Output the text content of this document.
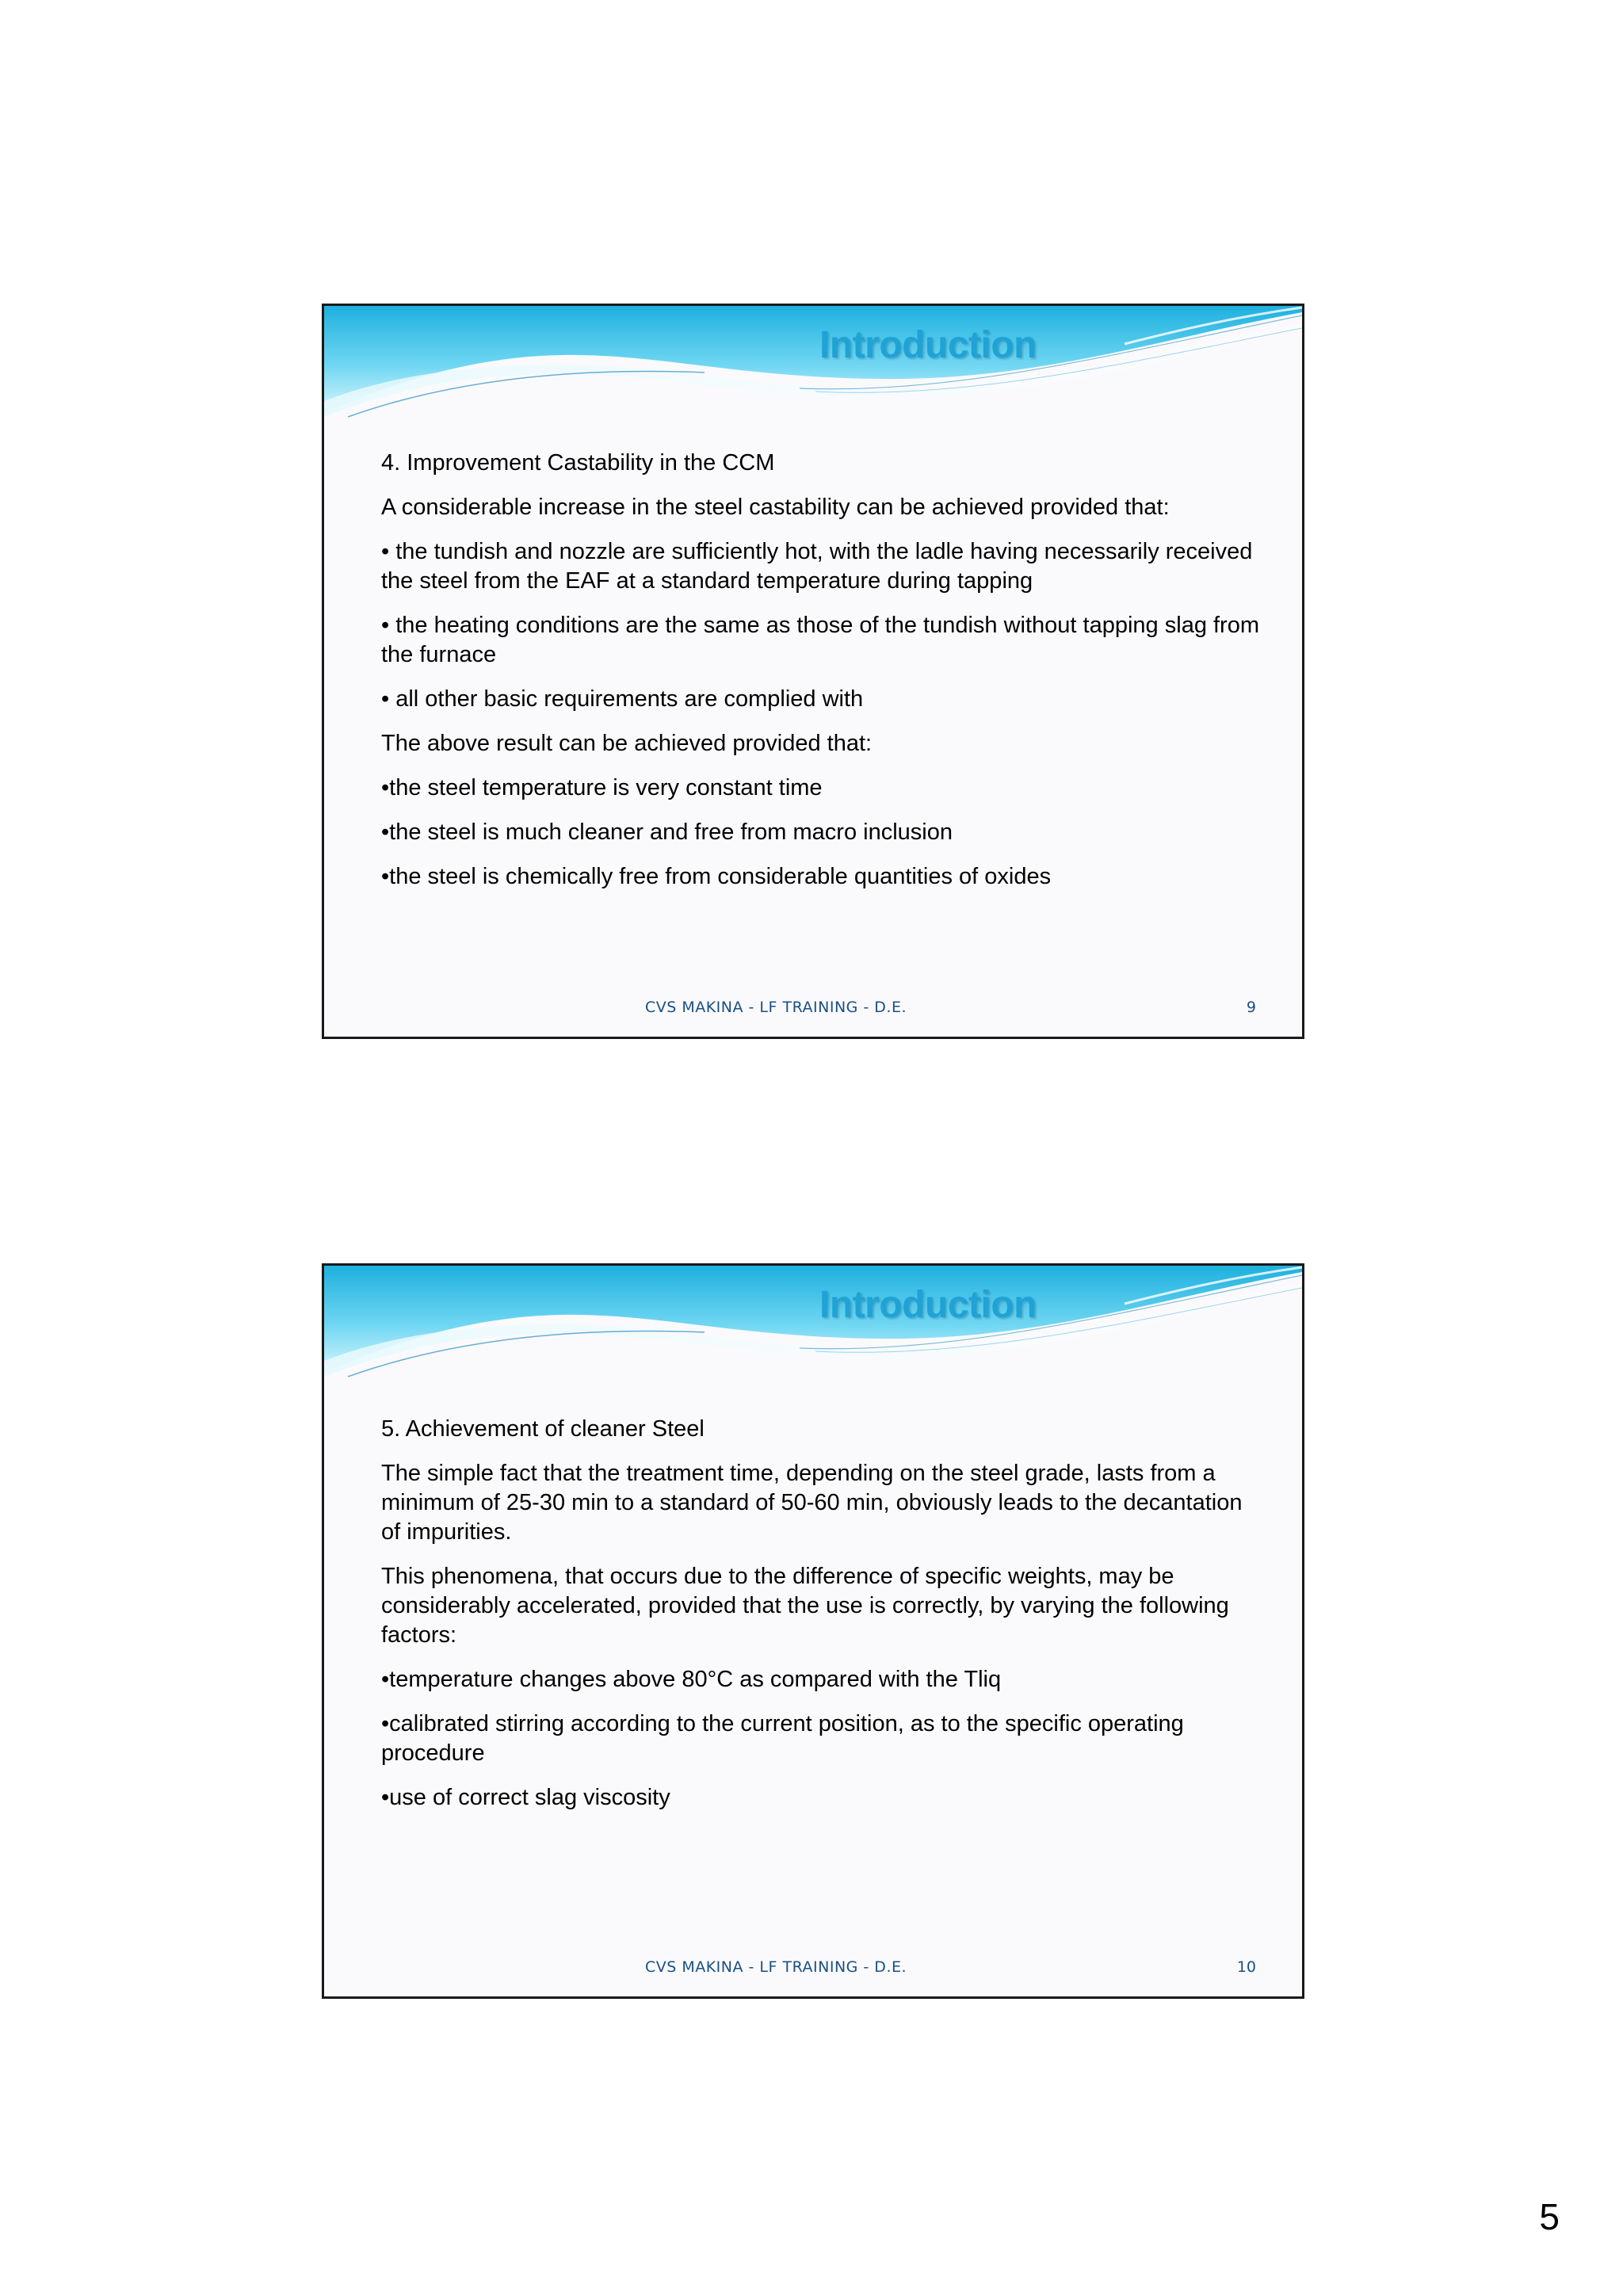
Introduction

4. Improvement Castability in the CCM

A considerable increase in the steel castability can be achieved provided that:

• the tundish and nozzle are sufficiently hot, with the ladle having necessarily received the steel from the EAF at a standard temperature during tapping

• the heating conditions are the same as those of the tundish without tapping slag from the furnace

• all other basic requirements are complied with

The above result can be achieved provided that:

•the steel temperature is very constant time

•the steel is much cleaner and free from macro inclusion

•the steel is chemically free from considerable quantities of oxides

CVS MAKINA - LF TRAINING - D.E.	9
Introduction

5. Achievement of cleaner Steel

The simple fact that the treatment time, depending on the steel grade, lasts from a minimum of 25-30 min to a standard of 50-60 min, obviously leads to the decantation of impurities.

This phenomena, that occurs due to the difference of specific weights, may be considerably accelerated, provided that the use is correctly, by varying the following factors:

•temperature changes above 80°C as compared with the Tliq

•calibrated stirring according to the current position, as to the specific operating procedure

•use of correct slag viscosity

CVS MAKINA - LF TRAINING - D.E.	10
5
